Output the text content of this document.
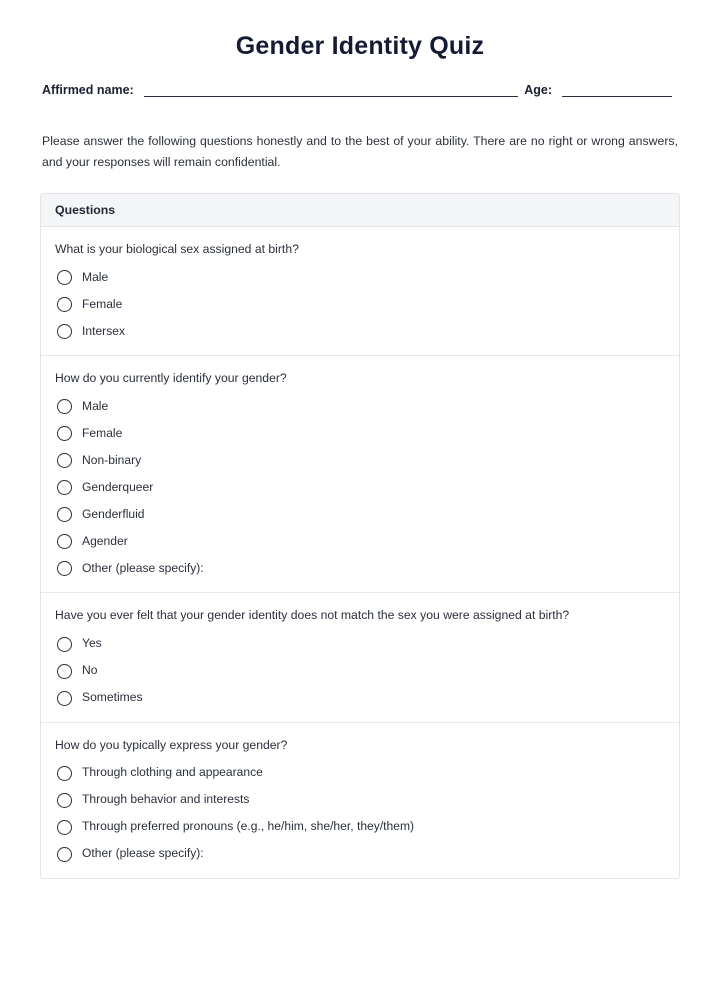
Gender Identity Quiz
Affirmed name:	Age:
Please answer the following questions honestly and to the best of your ability. There are no right or wrong answers, and your responses will remain confidential.
Questions
What is your biological sex assigned at birth?
Male
Female
Intersex
How do you currently identify your gender?
Male
Female
Non-binary
Genderqueer
Genderfluid
Agender
Other (please specify):
Have you ever felt that your gender identity does not match the sex you were assigned at birth?
Yes
No
Sometimes
How do you typically express your gender?
Through clothing and appearance
Through behavior and interests
Through preferred pronouns (e.g., he/him, she/her, they/them)
Other (please specify):
